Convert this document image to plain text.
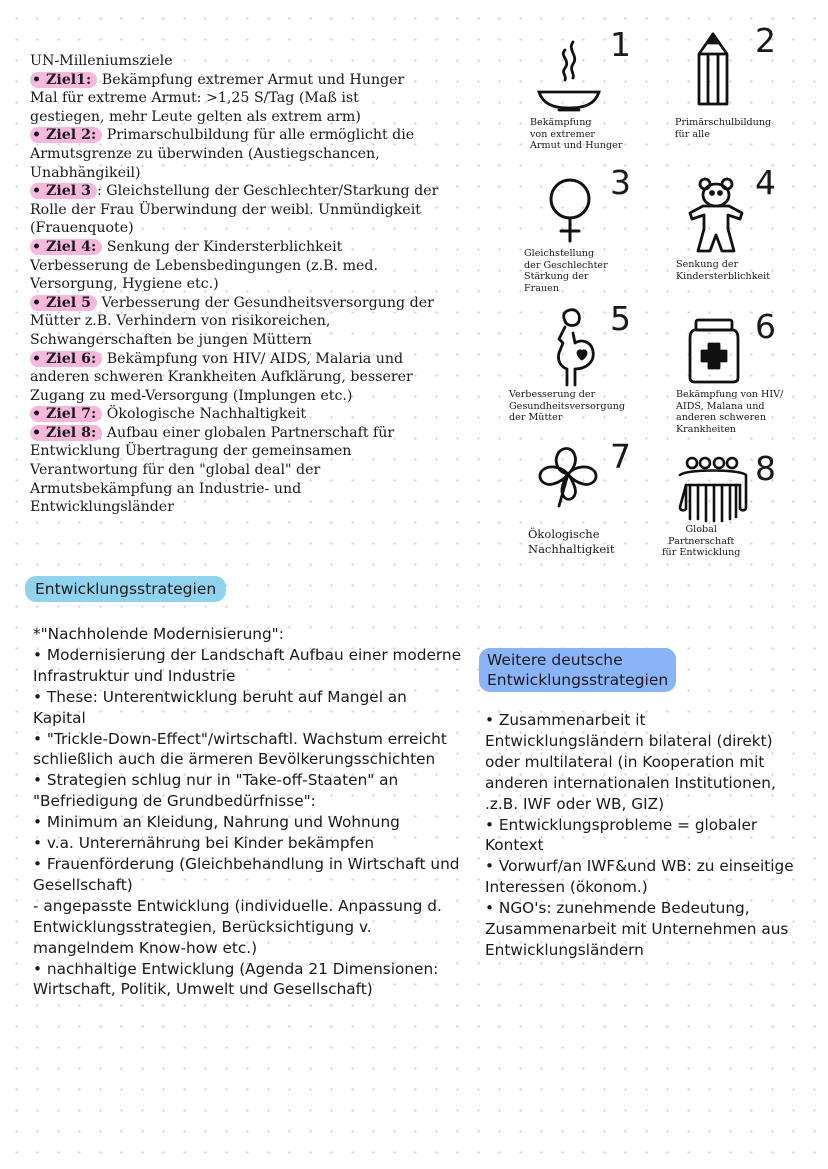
UN-Milleniumsziele

• Ziel1: Bekämpfung extremer Armut und Hunger
Mal für extreme Armut: >1,25 S/Tag (Maß ist
gestiegen, mehr Leute gelten als extrem arm)

• Ziel 2: Primarschulbildung für alle ermöglicht die
Armutsgrenze zu überwinden (Austiegschancen,
Unabhängikeil)

• Ziel 3 : Gleichstellung der Geschlechter/Starkung der
Rolle der Frau Überwindung der weibl. Unmündigkeit
(Frauenquote)

• Ziel 4: Senkung der Kindersterblichkeit
Verbesserung de Lebensbedingungen (z.B. med.
Versorgung, Hygiene etc.)

• Ziel 5 Verbesserung der Gesundheitsversorgung der
Mütter z.B. Verhindern von risikoreichen,
Schwangerschaften be jungen Müttern

• Ziel 6: Bekämpfung von HIV/ AIDS, Malaria und
anderen schweren Krankheiten Aufklärung, besserer
Zugang zu med-Versorgung (Implungen etc.)

• Ziel 7: Ökologische Nachhaltigkeit

• Ziel 8: Aufbau einer globalen Partnerschaft für
Entwicklung Übertragung der gemeinsamen
Verantwortung für den "global deal" der
Armutsbekämpfung an Industrie- und
Entwicklungsländer

1
Bekämpfung
von extremer
Armut und Hunger
2
Primärschulbildung
für alle
3
Gleichstellung
der Geschlechter
Stärkung der
Frauen
4
Senkung der
Kindersterblichkeit
5
Verbesserung der
Gesundheitsversorgung
der Mütter
6
Bekämpfung von HIV/
AIDS, Malana und
anderen schweren
Krankheiten
7
Ökologische
Nachhaltigkeit
8
Global
Partnerschaft
für Entwicklung
Entwicklungsstrategien

*"Nachholende Modernisierung":

• Modernisierung der Landschaft Aufbau einer moderne Infrastruktur und Industrie

• These: Unterentwicklung beruht auf Mangel an Kapital

• "Trickle-Down-Effect"/wirtschaftl. Wachstum erreicht schließlich auch die ärmeren Bevölkerungsschichten

• Strategien schlug nur in "Take-off-Staaten" an "Befriedigung de Grundbedürfnisse":

• Minimum an Kleidung, Nahrung und Wohnung

• v.a. Unterernährung bei Kinder bekämpfen

• Frauenförderung (Gleichbehandlung in Wirtschaft und Gesellschaft)

- angepasste Entwicklung (individuelle. Anpassung d. Entwicklungsstrategien, Berücksichtigung v. mangelndem Know-how etc.)

• nachhaltige Entwicklung (Agenda 21 Dimensionen: Wirtschaft, Politik, Umwelt und Gesellschaft)

Weitere deutsche
Entwicklungsstrategien

• Zusammenarbeit it Entwicklungsländern bilateral (direkt) oder multilateral (in Kooperation mit anderen internationalen Institutionen, .z.B. IWF oder WB, GIZ)

• Entwicklungsprobleme = globaler Kontext

• Vorwurf/an IWF&und WB: zu einseitige Interessen (ökonom.)

• NGO's: zunehmende Bedeutung, Zusammenarbeit mit Unternehmen aus Entwicklungsländern
